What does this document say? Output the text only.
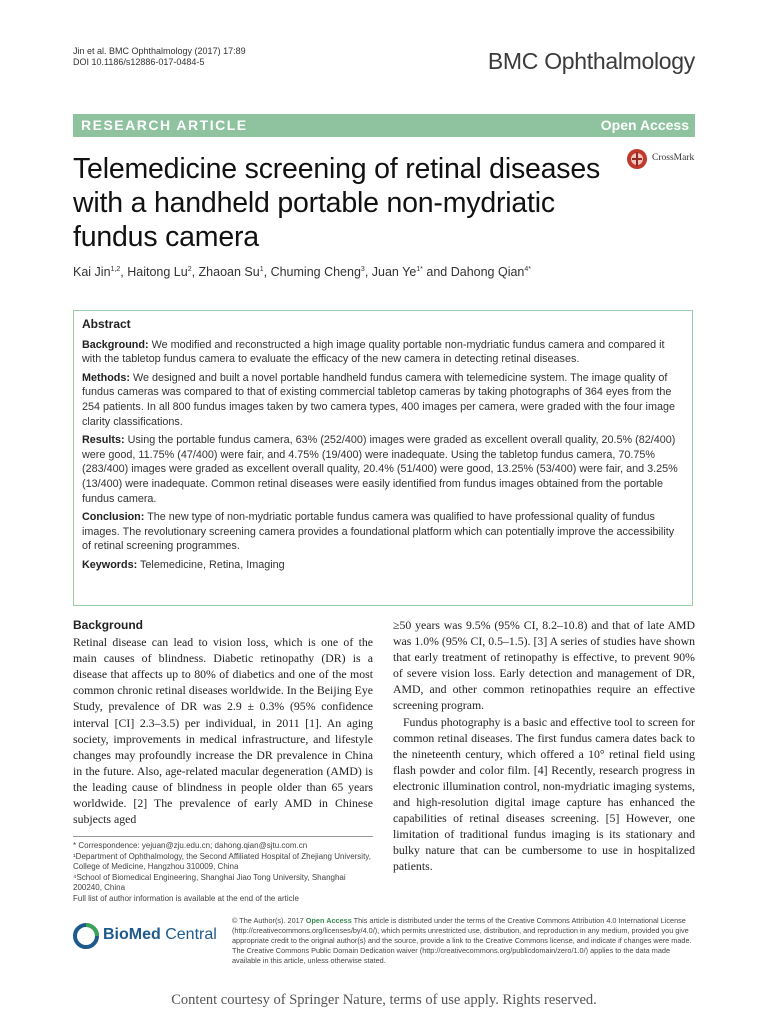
Jin et al. BMC Ophthalmology (2017) 17:89
DOI 10.1186/s12886-017-0484-5	BMC Ophthalmology
RESEARCH ARTICLE	Open Access
Telemedicine screening of retinal diseases with a handheld portable non-mydriatic fundus camera
CrossMark
Kai Jin$^{1,2}$, Haitong Lu$^2$, Zhaoan Su$^1$, Chuming Cheng$^3$, Juan $Ye^{1*}$ and Dahong Qian$^{4*}$

Abstract

Background: We modified and reconstructed a high image quality portable non-mydriatic fundus camera and compared it with the tabletop fundus camera to evaluate the efficacy of the new camera in detecting retinal diseases.

Methods: We designed and built a novel portable handheld fundus camera with telemedicine system. The image quality of fundus cameras was compared to that of existing commercial tabletop cameras by taking photographs of 364 eyes from the 254 patients. In all 800 fundus images taken by two camera types, 400 images per camera, were graded with the four image clarity classifications.

Results: Using the portable fundus camera, 63% (252/400) images were graded as excellent overall quality, 20.5% (82/400) were good, 11.75% (47/400) were fair, and 4.75% (19/400) were inadequate. Using the tabletop fundus camera, 70.75% (283/400) images were graded as excellent overall quality, 20.4% (51/400) were good, 13.25% (53/400) were fair, and 3.25% (13/400) were inadequate. Common retinal diseases were easily identified from fundus images obtained from the portable fundus camera.

Conclusion: The new type of non-mydriatic portable fundus camera was qualified to have professional quality of fundus images. The revolutionary screening camera provides a foundational platform which can potentially improve the accessibility of retinal screening programmes.

Keywords: Telemedicine, Retina, Imaging

Background

Retinal disease can lead to vision loss, which is one of the main causes of blindness. Diabetic retinopathy (DR) is a disease that affects up to 80% of diabetics and one of the most common chronic retinal diseases worldwide. In the Beijing Eye Study, prevalence of DR was 2.9 ± 0.3% (95% confidence interval [CI] 2.3–3.5) per individual, in 2011 [1]. An aging society, improvements in medical infrastructure, and lifestyle changes may profoundly increase the DR prevalence in China in the future. Also, age-related macular degeneration (AMD) is the leading cause of blindness in people older than 65 years worldwide. [2] The prevalence of early AMD in Chinese subjects aged

≥50 years was 9.5% (95% CI, 8.2–10.8) and that of late AMD was 1.0% (95% CI, 0.5–1.5). [3] A series of studies have shown that early treatment of retinopathy is effective, to prevent 90% of severe vision loss. Early detection and management of DR, AMD, and other common retinopathies require an effective screening program.

Fundus photography is a basic and effective tool to screen for common retinal diseases. The first fundus camera dates back to the nineteenth century, which offered a 10° retinal field using flash powder and color film. [4] Recently, research progress in electronic illumination control, non-mydriatic imaging systems, and high-resolution digital image capture has enhanced the capabilities of retinal diseases screening. [5] However, one limitation of traditional fundus imaging is its stationary and bulky nature that can be cumbersome to use in hospitalized patients.

* Correspondence: yejuan@zju.edu.cn; dahong.qian@sjtu.com.cn

¹Department of Ophthalmology, the Second Affiliated Hospital of Zhejiang University, College of Medicine, Hangzhou 310009, China

⁴School of Biomedical Engineering, Shanghai Jiao Tong University, Shanghai 200240, China

Full list of author information is available at the end of the article

BioMed Central
© The Author(s). 2017 Open Access This article is distributed under the terms of the Creative Commons Attribution 4.0 International License (http://creativecommons.org/licenses/by/4.0/), which permits unrestricted use, distribution, and reproduction in any medium, provided you give appropriate credit to the original author(s) and the source, provide a link to the Creative Commons license, and indicate if changes were made. The Creative Commons Public Domain Dedication waiver (http://creativecommons.org/publicdomain/zero/1.0/) applies to the data made available in this article, unless otherwise stated.
Content courtesy of Springer Nature, terms of use apply. Rights reserved.
